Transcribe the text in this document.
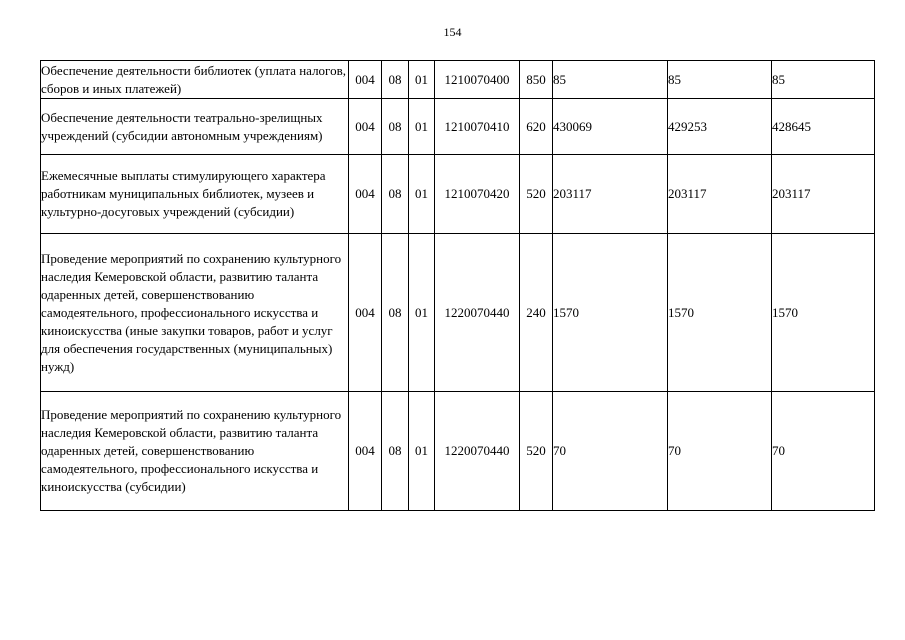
154
Обеспечение деятельности библиотек (уплата налогов, сборов и иных платежей)	004	08	01	1210070400	850	85	85	85
Обеспечение деятельности театрально-зрелищных учреждений (субсидии автономным учреждениям)	004	08	01	1210070410	620	430069	429253	428645
Ежемесячные выплаты стимулирующего характера работникам муниципальных библиотек, музеев и культурно-досуговых учреждений (субсидии)	004	08	01	1210070420	520	203117	203117	203117
Проведение мероприятий по сохранению культурного наследия Кемеровской области, развитию таланта одаренных детей, совершенствованию самодеятельного, профессионального искусства и киноискусства (иные закупки товаров, работ и услуг для обеспечения государственных (муниципальных) нужд)	004	08	01	1220070440	240	1570	1570	1570
Проведение мероприятий по сохранению культурного наследия Кемеровской области, развитию таланта одаренных детей, совершенствованию самодеятельного, профессионального искусства и киноискусства (субсидии)	004	08	01	1220070440	520	70	70	70
